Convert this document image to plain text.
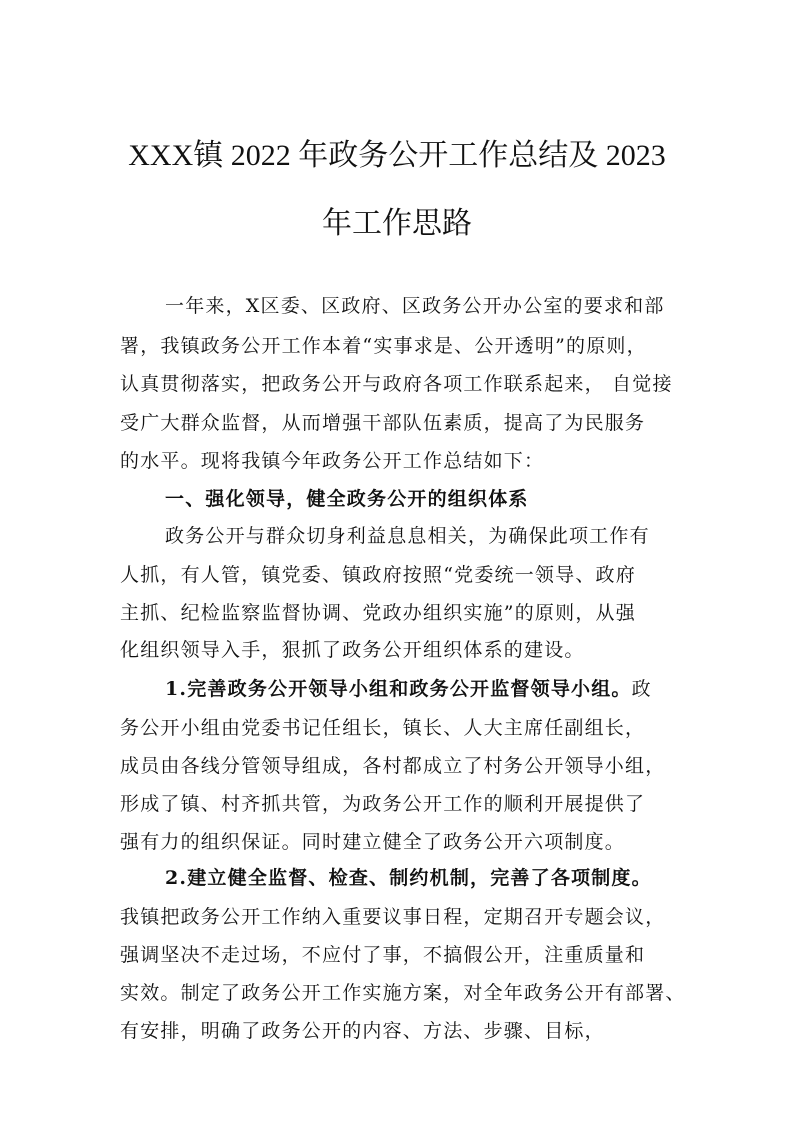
XXX镇 2022 年政务公开工作总结及 2023
年工作思路
一年来，X区委、区政府、区政务公开办公室的要求和部
署，我镇政务公开工作本着“实事求是、公开透明”的原则，
认真贯彻落实，把政务公开与政府各项工作联系起来， 自觉接
受广大群众监督，从而增强干部队伍素质，提高了为民服务
的水平。现将我镇今年政务公开工作总结如下：
一、强化领导，健全政务公开的组织体系
政务公开与群众切身利益息息相关，为确保此项工作有
人抓，有人管，镇党委、镇政府按照“党委统一领导、政府
主抓、纪检监察监督协调、党政办组织实施”的原则，从强
化组织领导入手，狠抓了政务公开组织体系的建设。
1.完善政务公开领导小组和政务公开监督领导小组。政
务公开小组由党委书记任组长，镇长、人大主席任副组长，
成员由各线分管领导组成，各村都成立了村务公开领导小组，
形成了镇、村齐抓共管，为政务公开工作的顺利开展提供了
强有力的组织保证。同时建立健全了政务公开六项制度。
2.建立健全监督、检查、制约机制，完善了各项制度。
我镇把政务公开工作纳入重要议事日程，定期召开专题会议，
强调坚决不走过场，不应付了事，不搞假公开，注重质量和
实效。制定了政务公开工作实施方案，对全年政务公开有部署、
有安排，明确了政务公开的内容、方法、步骤、目标，
